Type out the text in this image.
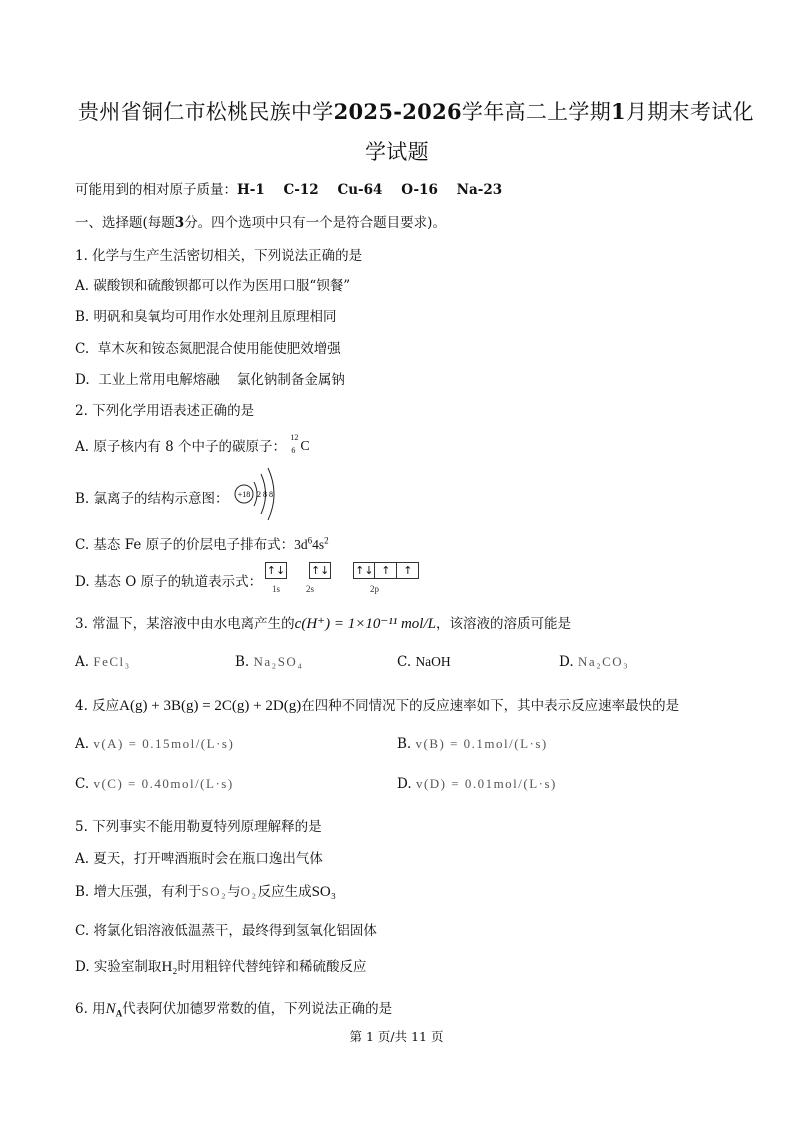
贵州省铜仁市松桃民族中学2025-2026学年高二上学期1月期末考试化
学试题
可能用到的相对原子质量：H-1    C-12    Cu-64    O-16    Na-23
一、选择题(每题3分。四个选项中只有一个是符合题目要求)。
1. 化学与生产生活密切相关，下列说法正确的是
A. 碳酸钡和硫酸钡都可以作为医用口服“钡餐”
B. 明矾和臭氧均可用作水处理剂且原理相同
C.  草木灰和铵态氮肥混合使用能使肥效增强
D.  工业上常用电解熔融    氯化钠制备金属钠
2. 下列化学用语表述正确的是
A. 原子核内有 8 个中子的碳原子：
12
6 C
B. 氯离子的结构示意图： +18 2 8 8
C. 基态 Fe 原子的价层电子排布式：$3d^64s^2$
D. 基态 O 原子的轨道表示式：
↑↓ ↑↓ ↑↓ ↑ ↑
1s	2s	2p
3. 常温下，某溶液中由水电离产生的c(H⁺) = 1×10⁻¹¹ mol/L，该溶液的溶质可能是
A. FeCl₃	B. Na₂SO₄	C. NaOH	D. Na₂CO₃
4. 反应A(g) + 3B(g) = 2C(g) + 2D(g)在四种不同情况下的反应速率如下，其中表示反应速率最快的是
A. v(A) = 0.15mol/(L·s)	B. v(B) = 0.1mol/(L·s)
C. v(C) = 0.40mol/(L·s)	D. v(D) = 0.01mol/(L·s)
5. 下列事实不能用勒夏特列原理解释的是
A. 夏天，打开啤酒瓶时会在瓶口逸出气体
B. 增大压强，有利于SO₂与O₂反应生成SO₃
C. 将氯化铝溶液低温蒸干，最终得到氢氧化铝固体
D. 实验室制取H₂时用粗锌代替纯锌和稀硫酸反应
6. 用$N_A$代表阿伏加德罗常数的值，下列说法正确的是
第 1 页/共 11 页
